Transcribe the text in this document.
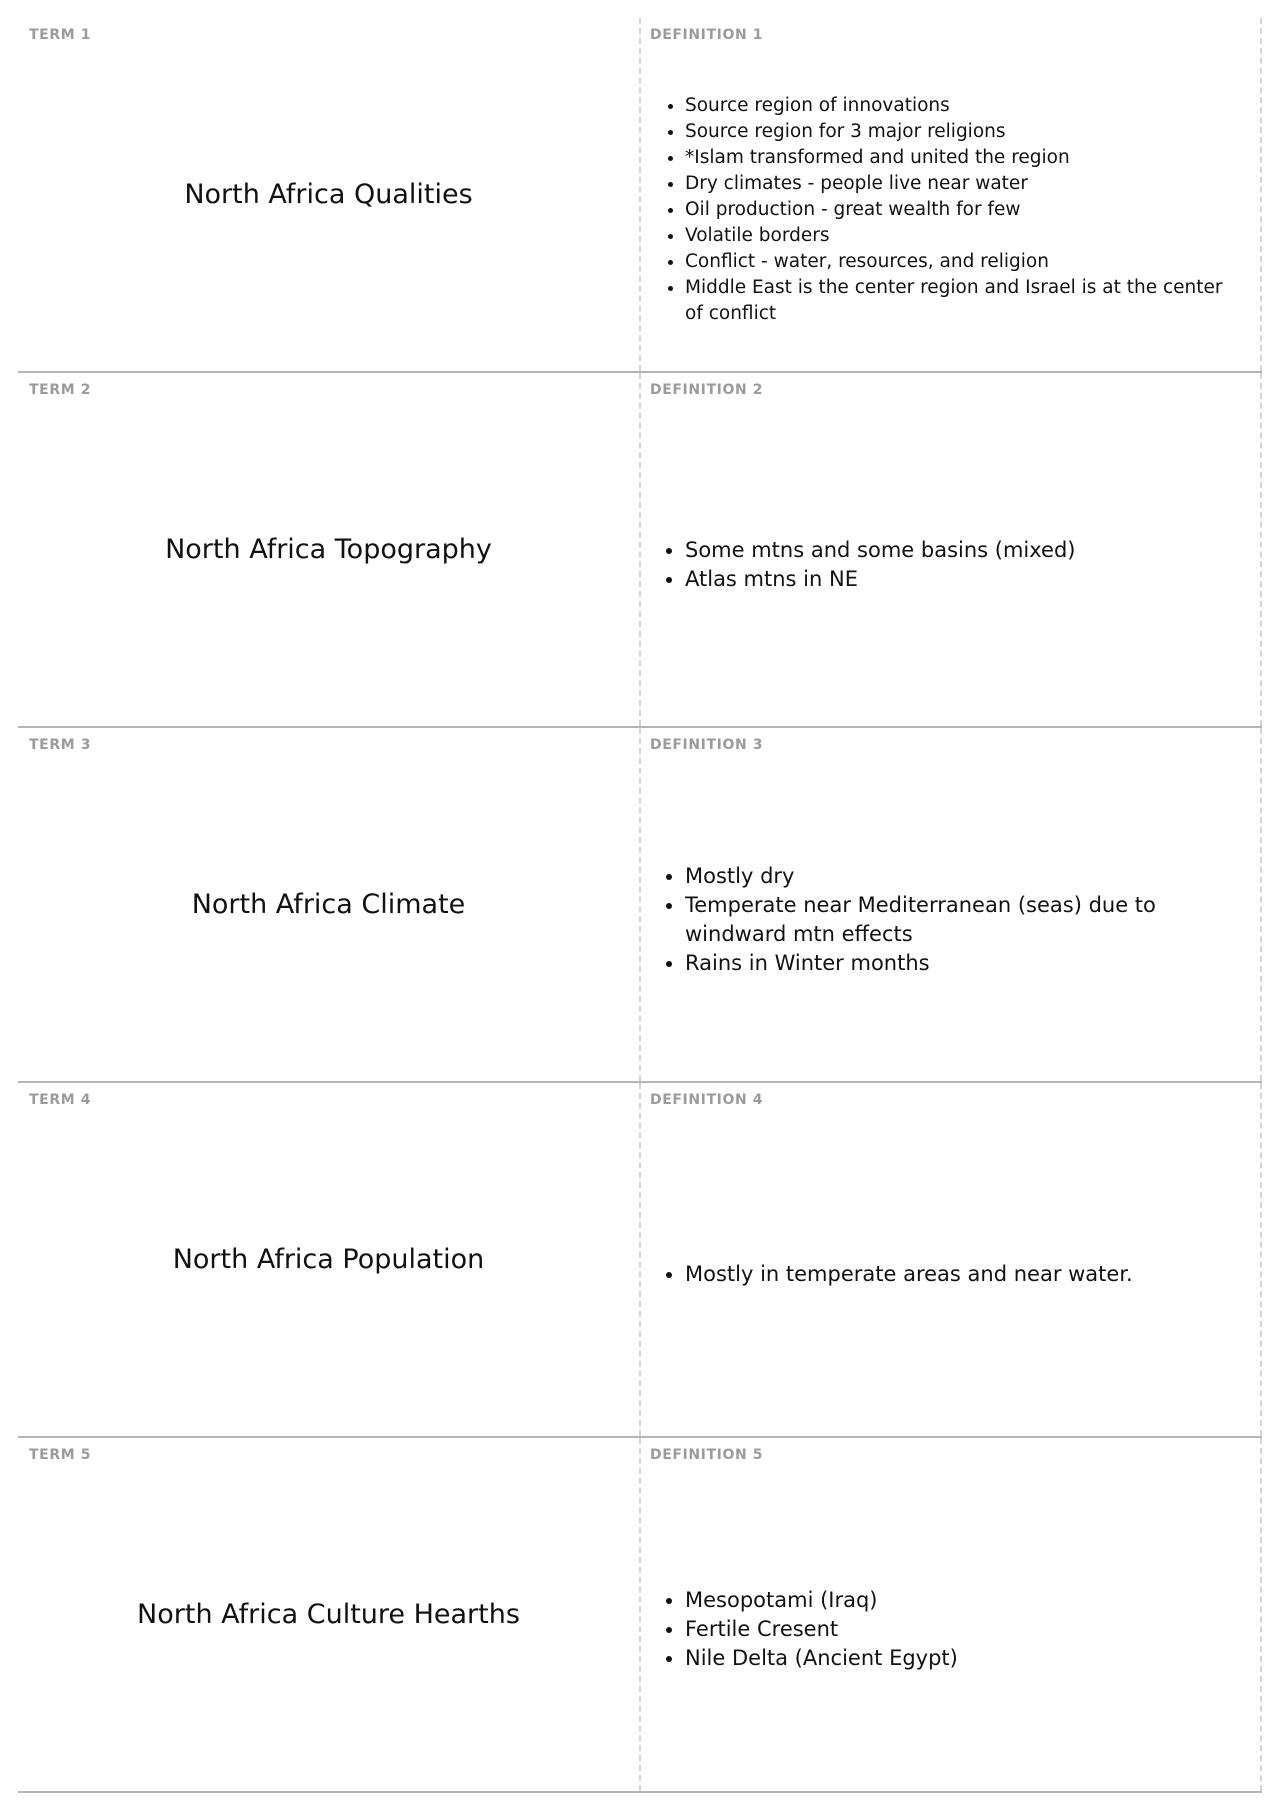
TERM 1
North Africa Qualities
DEFINITION 1
• Source region of innovations
• Source region for 3 major religions
• *Islam transformed and united the region
• Dry climates - people live near water
• Oil production - great wealth for few
• Volatile borders
• Conflict - water, resources, and religion
• Middle East is the center region and Israel is at the center of conflict
TERM 2
North Africa Topography
DEFINITION 2
• Some mtns and some basins (mixed)
• Atlas mtns in NE
TERM 3
North Africa Climate
DEFINITION 3
• Mostly dry
• Temperate near Mediterranean (seas) due to windward mtn effects
• Rains in Winter months
TERM 4
North Africa Population
DEFINITION 4
• Mostly in temperate areas and near water.
TERM 5
North Africa Culture Hearths
DEFINITION 5
• Mesopotami (Iraq)
• Fertile Cresent
• Nile Delta (Ancient Egypt)
